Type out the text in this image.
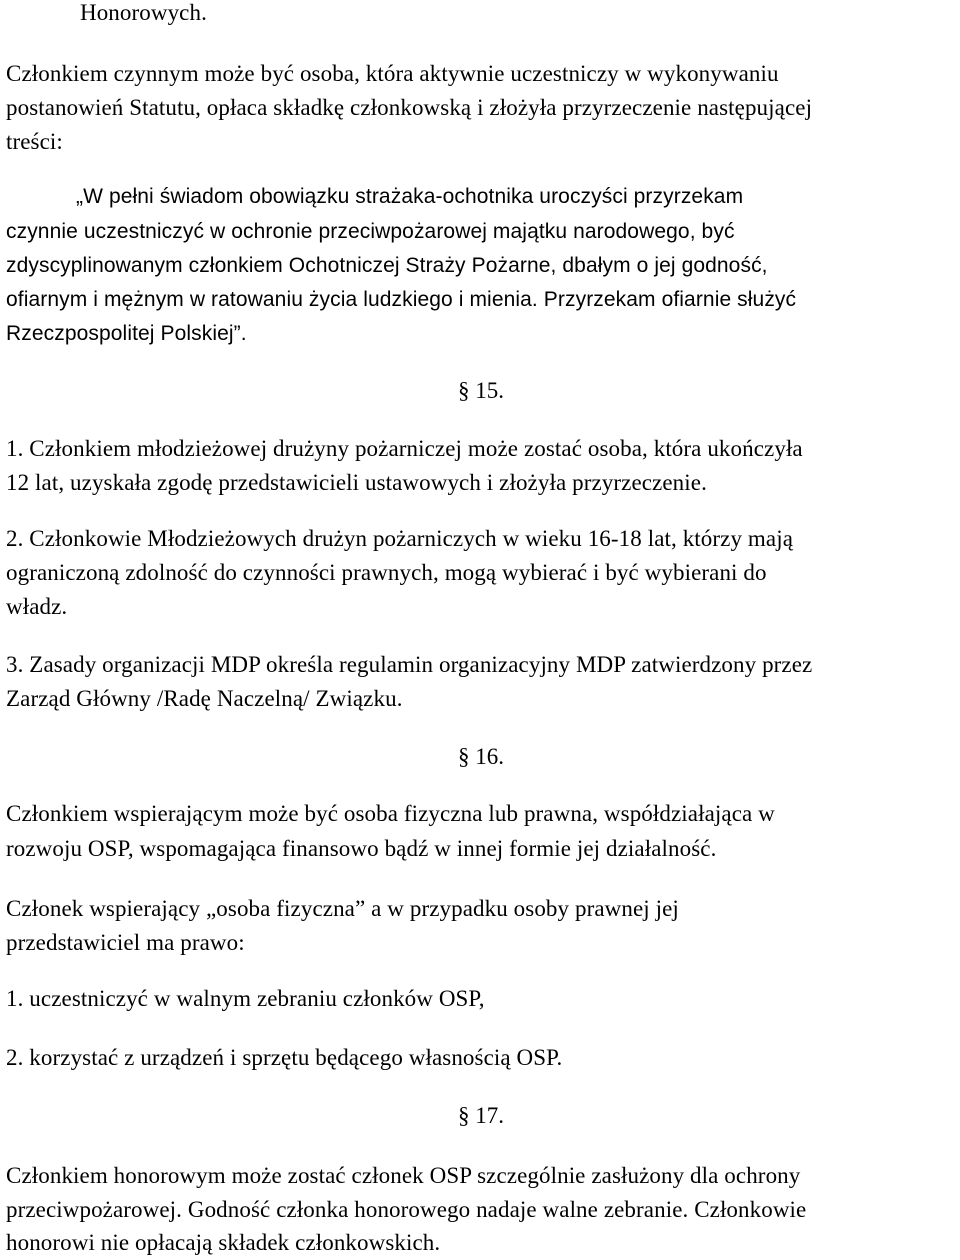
Honorowych.
Członkiem czynnym może być osoba, która aktywnie uczestniczy w wykonywaniu
postanowień Statutu, opłaca składkę członkowską i złożyła przyrzeczenie następującej
treści:
„W pełni świadom obowiązku strażaka-ochotnika uroczyści przyrzekam
czynnie uczestniczyć w ochronie przeciwpożarowej majątku narodowego, być
zdyscyplinowanym członkiem Ochotniczej Straży Pożarne, dbałym o jej godność,
ofiarnym i mężnym w ratowaniu życia ludzkiego i mienia. Przyrzekam ofiarnie służyć
Rzeczpospolitej Polskiej”.
§ 15.
1. Członkiem młodzieżowej drużyny pożarniczej może zostać osoba, która ukończyła
12 lat, uzyskała zgodę przedstawicieli ustawowych i złożyła przyrzeczenie.
2. Członkowie Młodzieżowych drużyn pożarniczych w wieku 16-18 lat, którzy mają
ograniczoną zdolność do czynności prawnych, mogą wybierać i być wybierani do
władz.
3. Zasady organizacji MDP określa regulamin organizacyjny MDP zatwierdzony przez
Zarząd Główny /Radę Naczelną/ Związku.
§ 16.
Członkiem wspierającym może być osoba fizyczna lub prawna, współdziałająca w
rozwoju OSP, wspomagająca finansowo bądź w innej formie jej działalność.
Członek wspierający „osoba fizyczna” a w przypadku osoby prawnej jej
przedstawiciel ma prawo:
1. uczestniczyć w walnym zebraniu członków OSP,
2. korzystać z urządzeń i sprzętu będącego własnością OSP.
§ 17.
Członkiem honorowym może zostać członek OSP szczególnie zasłużony dla ochrony
przeciwpożarowej. Godność członka honorowego nadaje walne zebranie. Członkowie
honorowi nie opłacają składek członkowskich.
